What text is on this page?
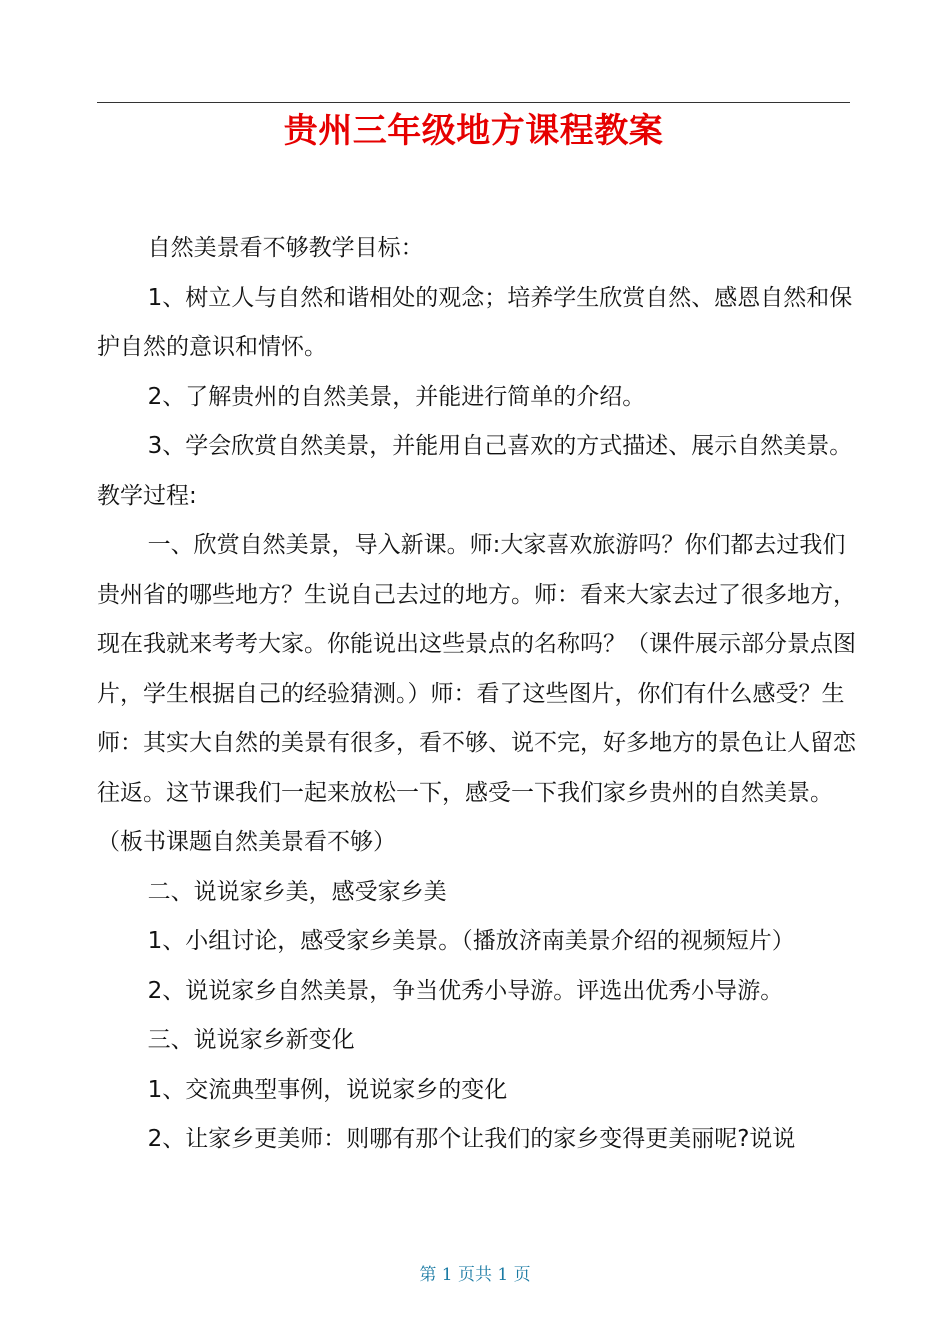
贵州三年级地方课程教案

自然美景看不够教学目标：

1、树立人与自然和谐相处的观念；培养学生欣赏自然、感恩自然和保护自然的意识和情怀。

2、了解贵州的自然美景，并能进行简单的介绍。

3、学会欣赏自然美景，并能用自己喜欢的方式描述、展示自然美景。教学过程:

一、欣赏自然美景，导入新课。师:大家喜欢旅游吗？你们都去过我们贵州省的哪些地方？生说自己去过的地方。师：看来大家去过了很多地方，现在我就来考考大家。你能说出这些景点的名称吗？（课件展示部分景点图片，学生根据自己的经验猜测。）师：看了这些图片，你们有什么感受？生师：其实大自然的美景有很多，看不够、说不完，好多地方的景色让人留恋往返。这节课我们一起来放松一下，感受一下我们家乡贵州的自然美景。（板书课题自然美景看不够）

二、说说家乡美，感受家乡美

1、小组讨论，感受家乡美景。（播放济南美景介绍的视频短片）

2、说说家乡自然美景，争当优秀小导游。评选出优秀小导游。

三、说说家乡新变化

1、交流典型事例，说说家乡的变化

2、让家乡更美师：则哪有那个让我们的家乡变得更美丽呢?说说

第 1 页共 1 页
